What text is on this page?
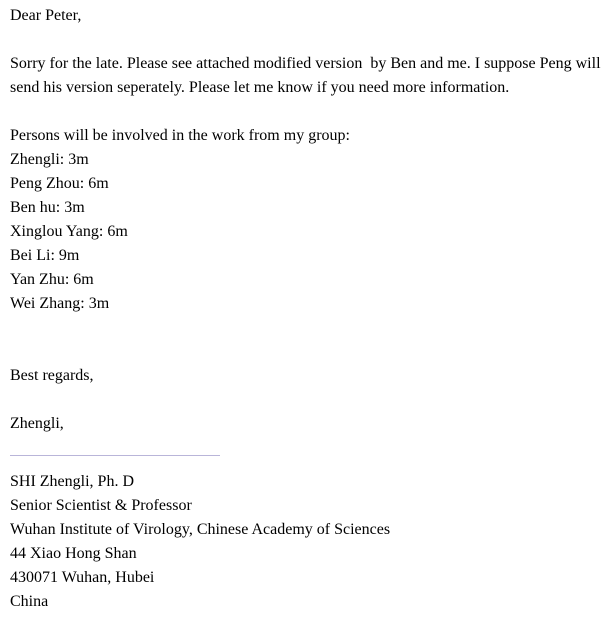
Dear Peter,
Sorry for the late. Please see attached modified version  by Ben and me. I suppose Peng will
send his version seperately. Please let me know if you need more information.
Persons will be involved in the work from my group:
Zhengli: 3m
Peng Zhou: 6m
Ben hu: 3m
Xinglou Yang: 6m
Bei Li: 9m
Yan Zhu: 6m
Wei Zhang: 3m
Best regards,
Zhengli,
SHI Zhengli, Ph. D
Senior Scientist & Professor
Wuhan Institute of Virology, Chinese Academy of Sciences
44 Xiao Hong Shan
430071 Wuhan, Hubei
China
